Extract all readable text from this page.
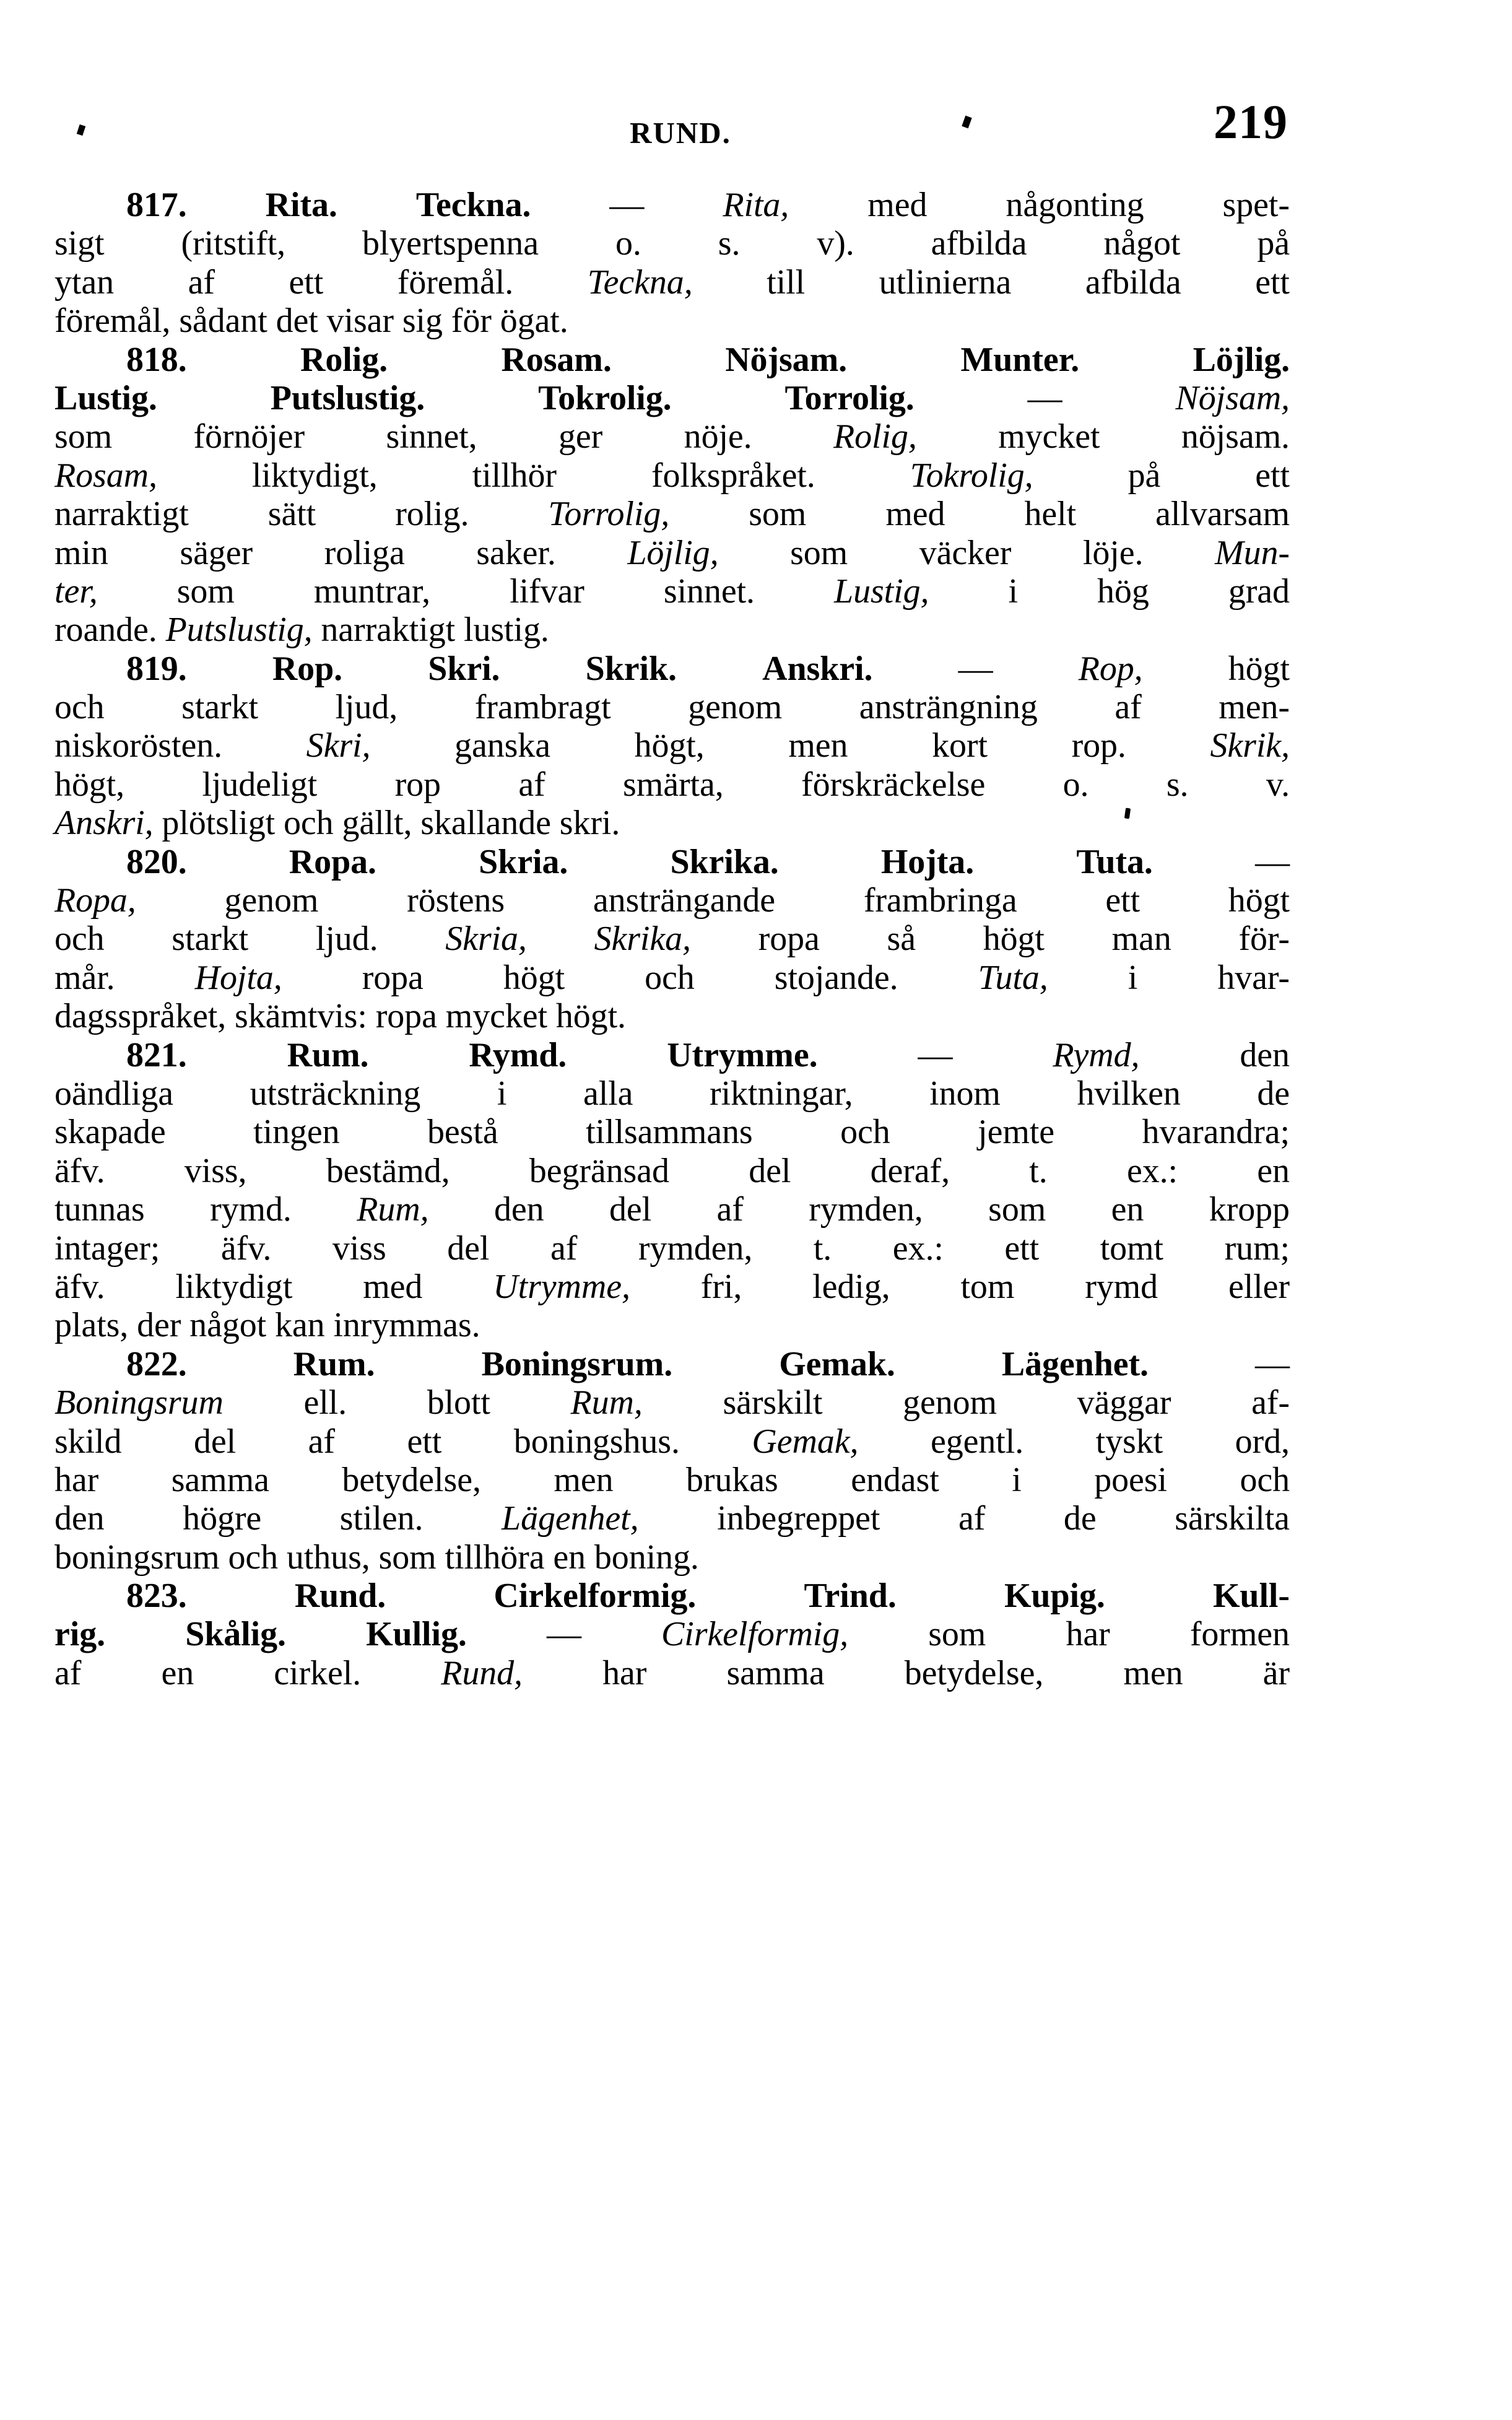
RUND.	219
817. Rita. Teckna. — Rita, med någonting spet-
sigt (ritstift, blyertspenna o. s. v). afbilda något på
ytan af ett föremål. Teckna, till utlinierna afbilda ett
föremål, sådant det visar sig för ögat.
818.	Rolig.	Rosam.	Nöjsam.	Munter.	Löjlig.
Lustig.	Putslustig.	Tokrolig.	Torrolig.	—	Nöjsam,
som förnöjer sinnet, ger nöje. Rolig, mycket nöjsam.
Rosam,	liktydigt,	tillhör	folkspråket.	Tokrolig,	på	ett
narraktigt sätt rolig. Torrolig, som med helt allvarsam
min säger roliga saker. Löjlig, som väcker löje. Mun-
ter, som muntrar, lifvar sinnet. Lustig, i hög grad
roande. Putslustig, narraktigt lustig.
819. Rop. Skri. Skrik. Anskri. — Rop, högt
och starkt ljud, frambragt genom ansträngning af men-
niskorösten. Skri, ganska högt, men kort rop. Skrik,
högt, ljudeligt rop af smärta, förskräckelse o. s. v.
Anskri, plötsligt och gällt, skallande skri.
820.	Ropa.	Skria.	Skrika.	Hojta.	Tuta.	—
Ropa,	genom	röstens	ansträngande	frambringa	ett	högt
och starkt ljud. Skria, Skrika, ropa så högt man för-
mår. Hojta, ropa högt och stojande. Tuta, i hvar-
dagsspråket, skämtvis: ropa mycket högt.
821.	Rum.	Rymd.	Utrymme.	—	Rymd,	den
oändliga utsträckning i alla riktningar, inom hvilken de
skapade	tingen	bestå	tillsammans	och	jemte	hvarandra;
äfv. viss, bestämd, begränsad del deraf, t. ex.: en
tunnas rymd. Rum, den del af rymden, som en kropp
intager; äfv. viss del af rymden, t. ex.: ett tomt rum;
äfv. liktydigt med Utrymme, fri, ledig, tom rymd eller
plats, der något kan inrymmas.
822.	Rum.	Boningsrum.	Gemak.	Lägenhet.	—
Boningsrum ell. blott Rum, särskilt genom väggar af-
skild del af ett boningshus. Gemak, egentl. tyskt ord,
har samma betydelse, men brukas endast i poesi och
den högre stilen. Lägenhet, inbegreppet af de särskilta
boningsrum och uthus, som tillhöra en boning.
823.	Rund.	Cirkelformig.	Trind.	Kupig.	Kull-
rig. Skålig. Kullig. — Cirkelformig, som har formen
af en cirkel. Rund, har samma betydelse, men är
